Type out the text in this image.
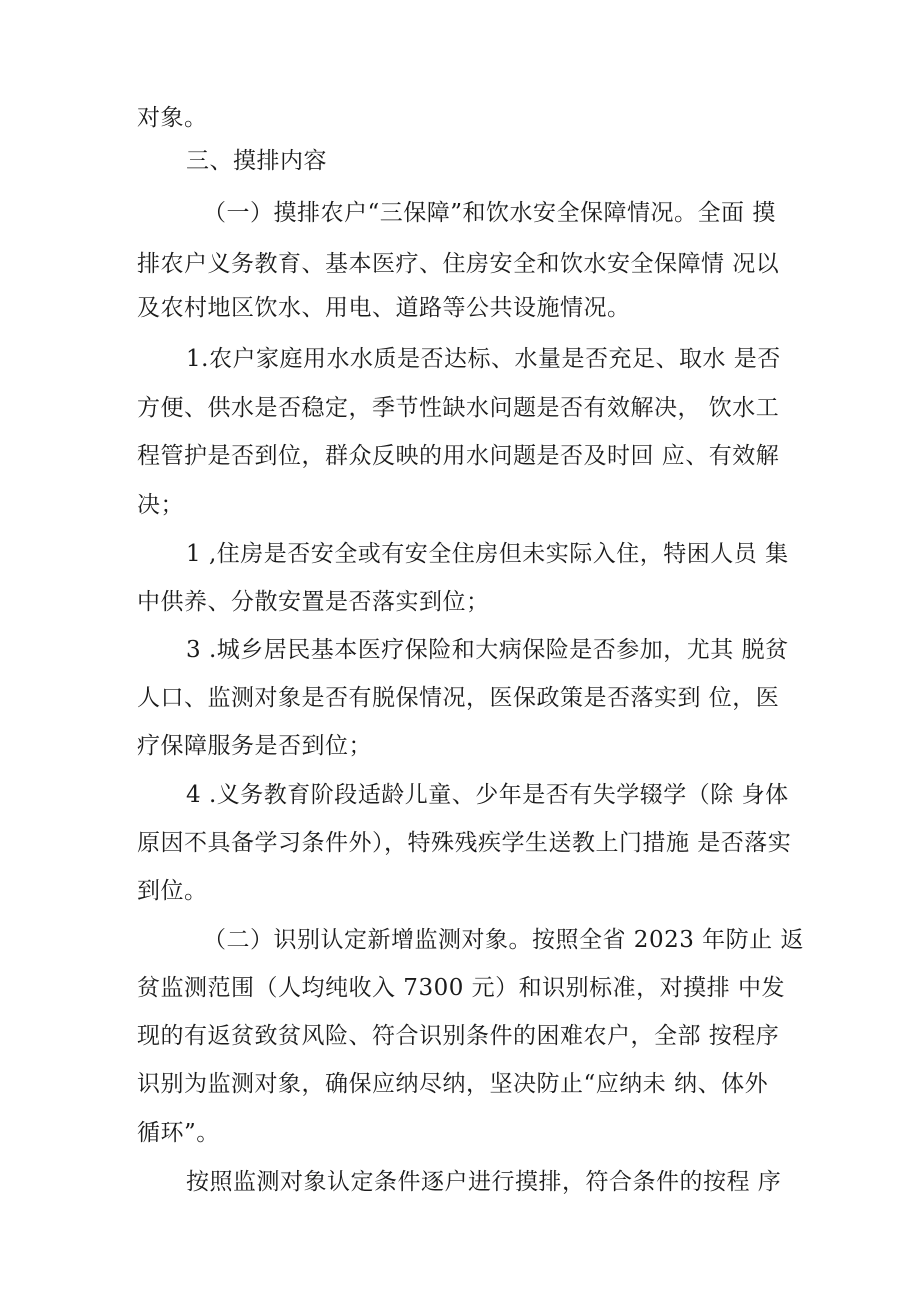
对象。
三、摸排内容
（一）摸排农户“三保障”和饮水安全保障情况。全面 摸
排农户义务教育、基本医疗、住房安全和饮水安全保障情 况以
及农村地区饮水、用电、道路等公共设施情况。
1.农户家庭用水水质是否达标、水量是否充足、取水 是否
方便、供水是否稳定，季节性缺水问题是否有效解决， 饮水工
程管护是否到位，群众反映的用水问题是否及时回 应、有效解
决；
1 ,住房是否安全或有安全住房但未实际入住，特困人员 集
中供养、分散安置是否落实到位；
3 .城乡居民基本医疗保险和大病保险是否参加，尤其 脱贫
人口、监测对象是否有脱保情况，医保政策是否落实到 位，医
疗保障服务是否到位；
4 .义务教育阶段适龄儿童、少年是否有失学辍学（除 身体
原因不具备学习条件外），特殊残疾学生送教上门措施 是否落实
到位。
（二）识别认定新增监测对象。按照全省 2023 年防止 返
贫监测范围（人均纯收入 7300 元）和识别标准，对摸排 中发
现的有返贫致贫风险、符合识别条件的困难农户，全部 按程序
识别为监测对象，确保应纳尽纳，坚决防止“应纳未 纳、体外
循环”。
按照监测对象认定条件逐户进行摸排，符合条件的按程 序
